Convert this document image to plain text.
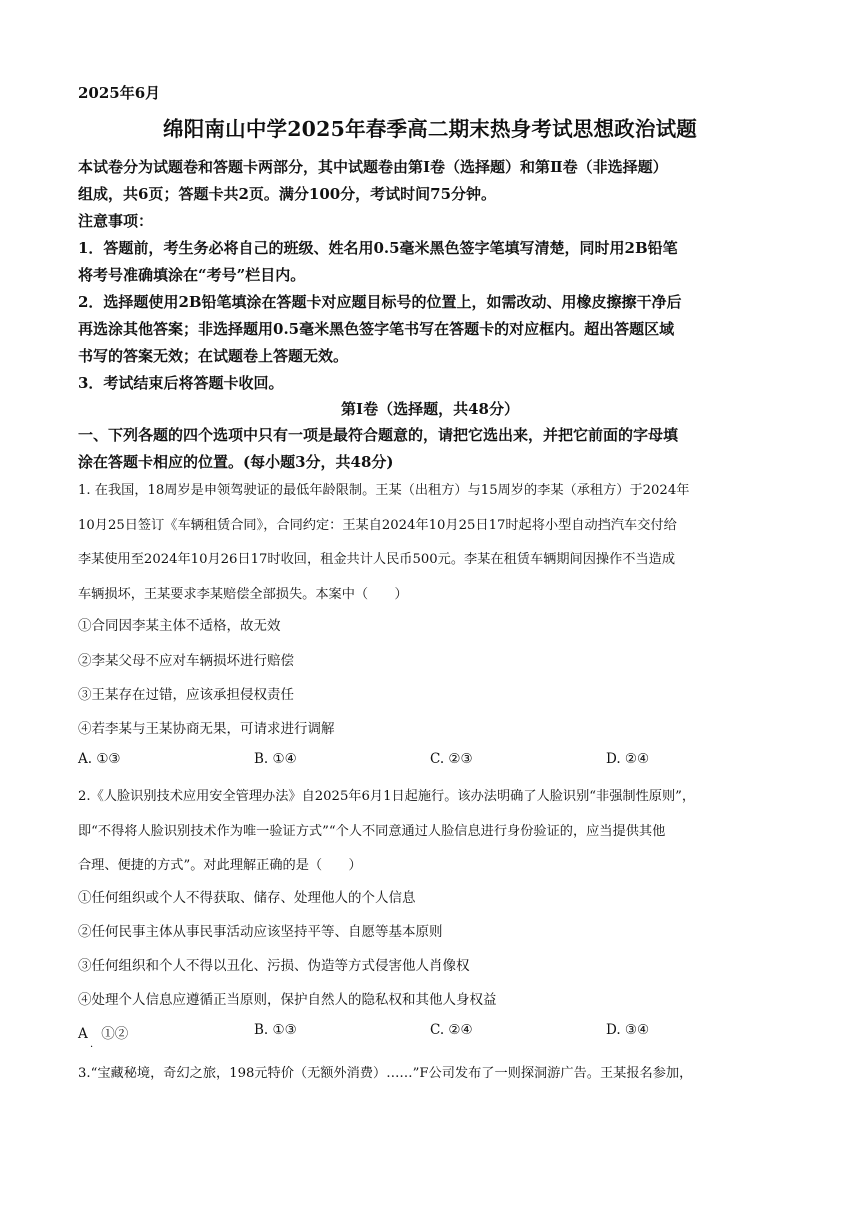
2025年6月
绵阳南山中学2025年春季高二期末热身考试思想政治试题
本试卷分为试题卷和答题卡两部分，其中试题卷由第Ⅰ卷（选择题）和第Ⅱ卷（非选择题）
组成，共6页；答题卡共2页。满分100分，考试时间75分钟。
注意事项：
1．答题前，考生务必将自己的班级、姓名用0.5毫米黑色签字笔填写清楚，同时用2B铅笔
将考号准确填涂在“考号”栏目内。
2．选择题使用2B铅笔填涂在答题卡对应题目标号的位置上，如需改动、用橡皮擦擦干净后
再选涂其他答案；非选择题用0.5毫米黑色签字笔书写在答题卡的对应框内。超出答题区域
书写的答案无效；在试题卷上答题无效。
3．考试结束后将答题卡收回。
第Ⅰ卷（选择题，共48分）
一、下列各题的四个选项中只有一项是最符合题意的，请把它选出来，并把它前面的字母填
涂在答题卡相应的位置。(每小题3分，共48分)
1. 在我国，18周岁是申领驾驶证的最低年龄限制。王某（出租方）与15周岁的李某（承租方）于2024年
10月25日签订《车辆租赁合同》，合同约定：王某自2024年10月25日17时起将小型自动挡汽车交付给
李某使用至2024年10月26日17时收回，租金共计人民币500元。李某在租赁车辆期间因操作不当造成
车辆损坏，王某要求李某赔偿全部损失。本案中（　　）
①合同因李某主体不适格，故无效
②李某父母不应对车辆损坏进行赔偿
③王某存在过错，应该承担侵权责任
④若李某与王某协商无果，可请求进行调解
A. ①③	B. ①④	C. ②③	D. ②④
2.《人脸识别技术应用安全管理办法》自2025年6月1日起施行。该办法明确了人脸识别“非强制性原则”，
即“不得将人脸识别技术作为唯一验证方式”“个人不同意通过人脸信息进行身份验证的，应当提供其他
合理、便捷的方式”。对此理解正确的是（　　）
①任何组织或个人不得获取、储存、处理他人的个人信息
②任何民事主体从事民事活动应该坚持平等、自愿等基本原则
③任何组织和个人不得以丑化、污损、伪造等方式侵害他人肖像权
④处理个人信息应遵循正当原则，保护自然人的隐私权和其他人身权益
A　①②	B. ①③	C. ②④	D. ③④
·
3.“宝藏秘境，奇幻之旅，198元特价（无额外消费）……”F公司发布了一则探洞游广告。王某报名参加，
